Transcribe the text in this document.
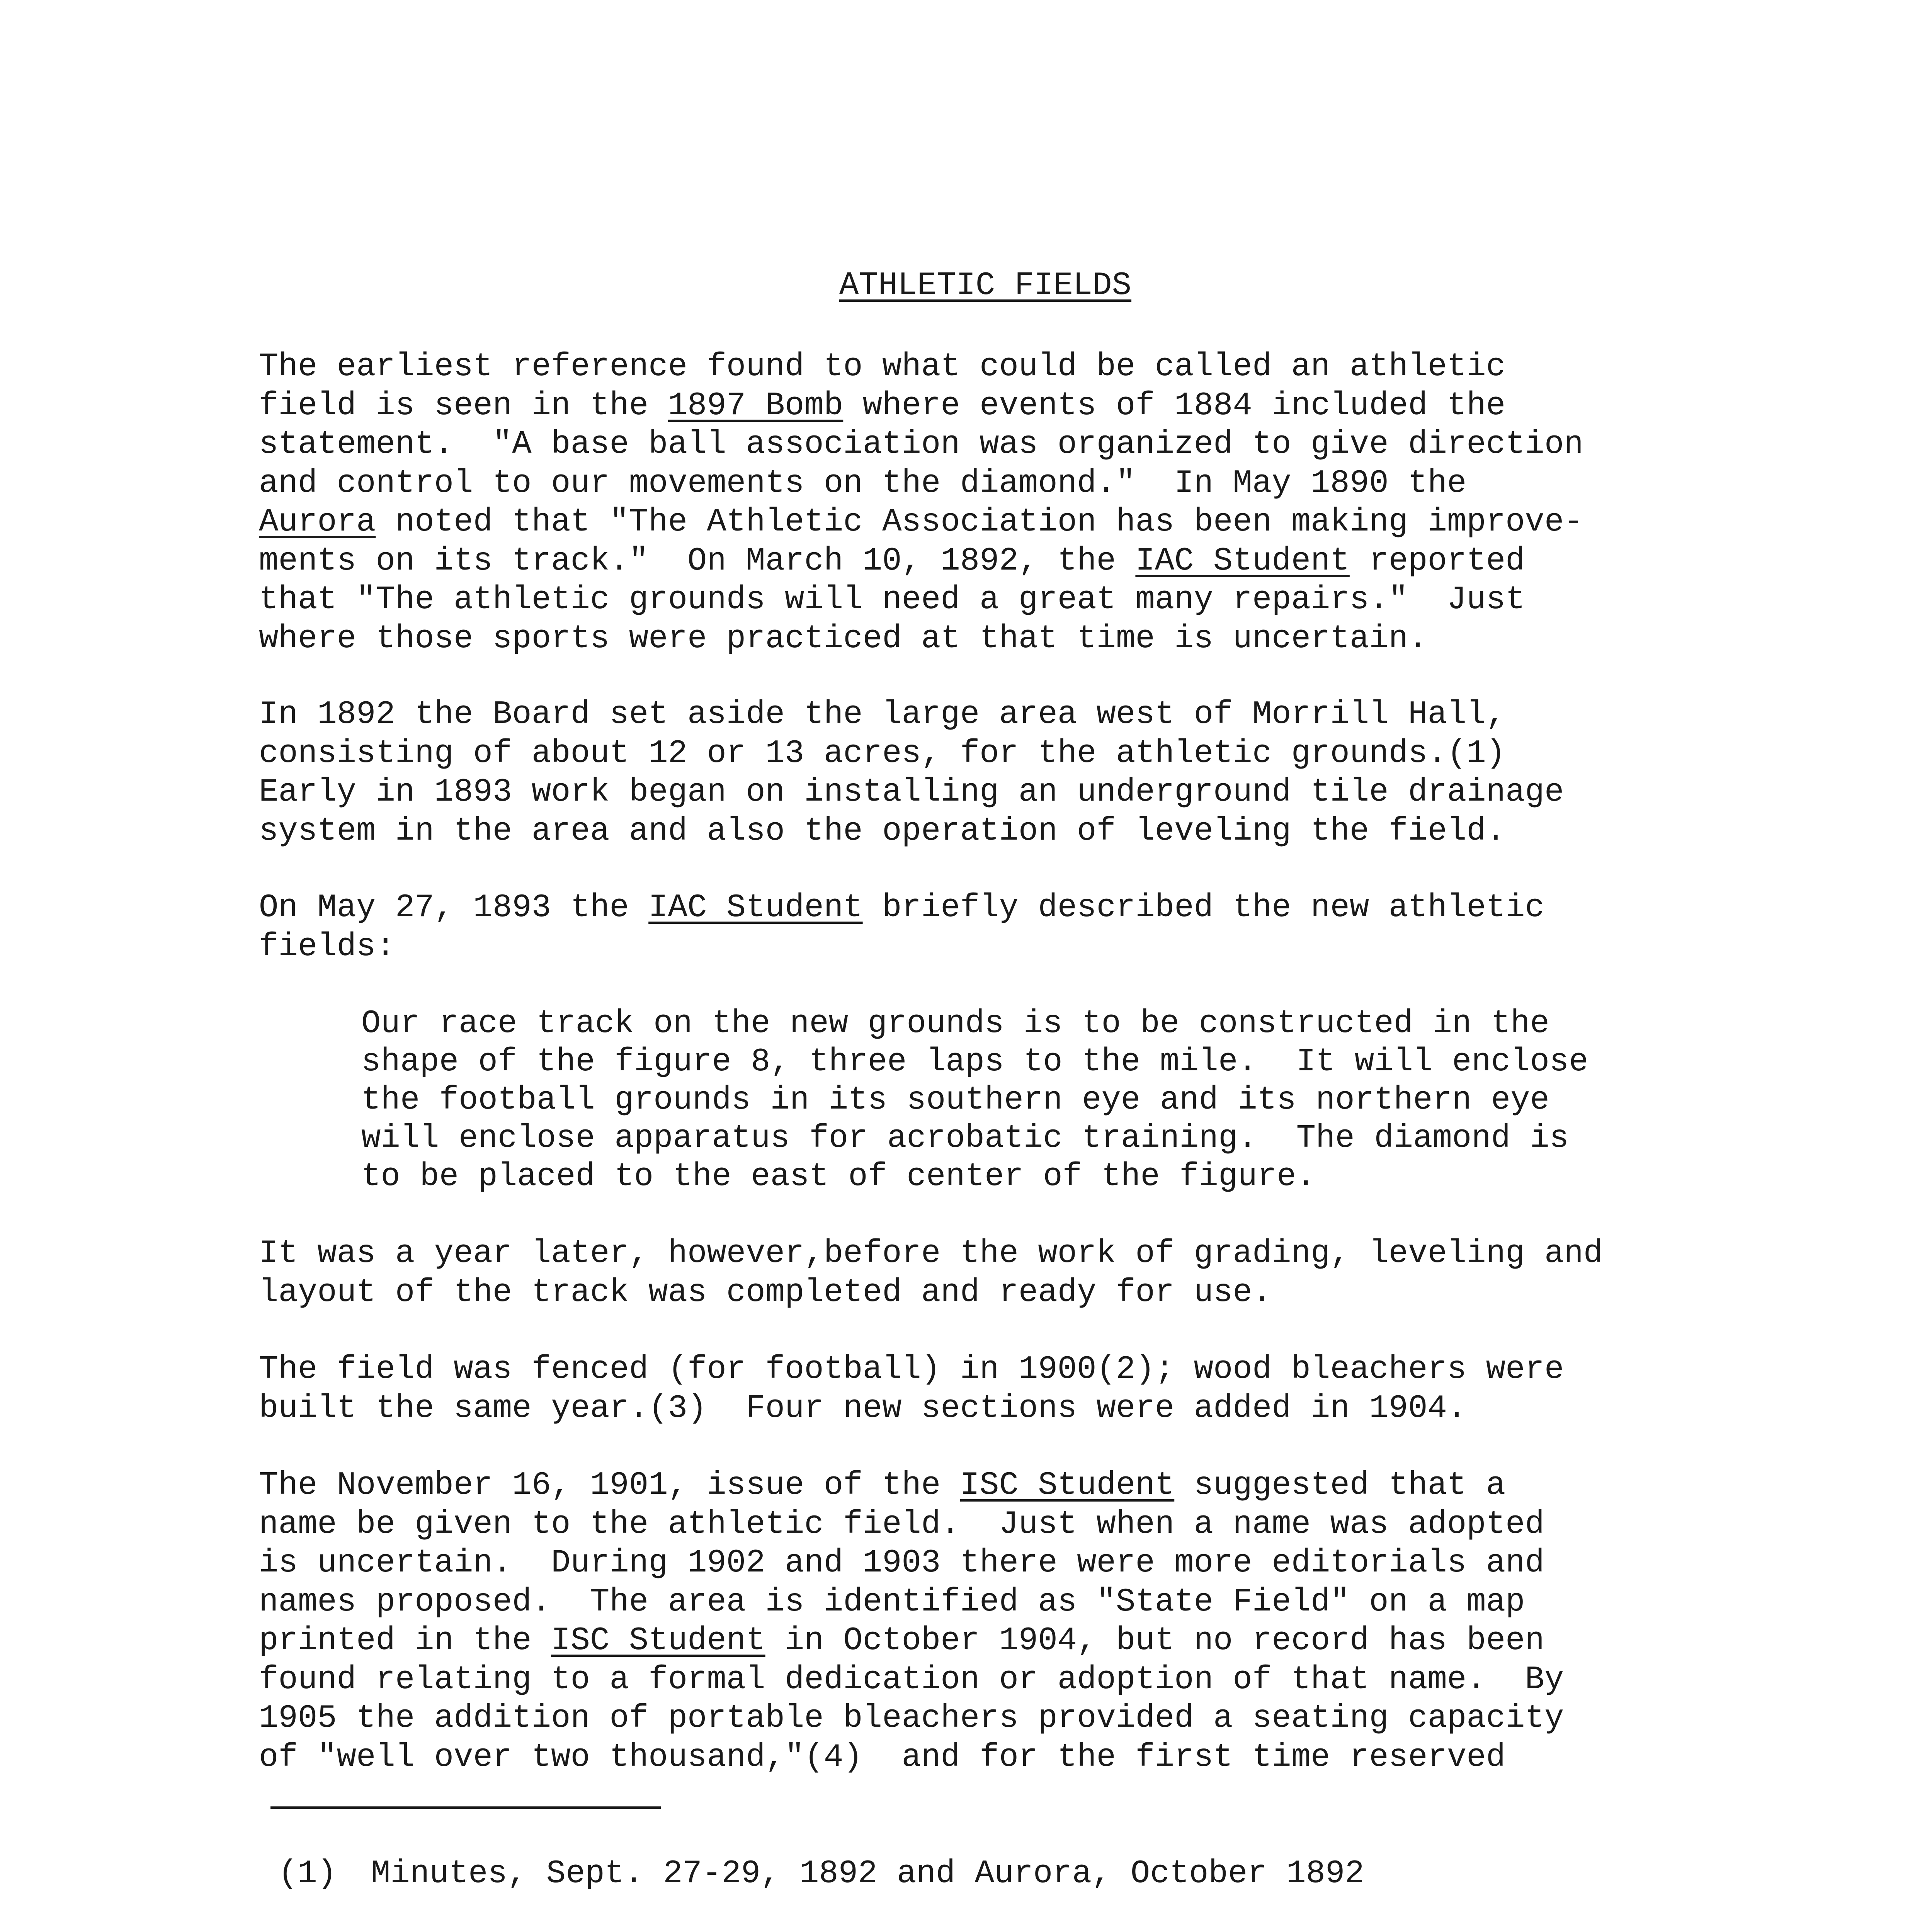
ATHLETIC FIELDS
The earliest reference found to what could be called an athletic
field is seen in the 1897 Bomb where events of 1884 included the
statement.  "A base ball association was organized to give direction
and control to our movements on the diamond."  In May 1890 the
Aurora noted that "The Athletic Association has been making improve-
ments on its track."  On March 10, 1892, the IAC Student reported
that "The athletic grounds will need a great many repairs."  Just
where those sports were practiced at that time is uncertain.
In 1892 the Board set aside the large area west of Morrill Hall,
consisting of about 12 or 13 acres, for the athletic grounds.(1)
Early in 1893 work began on installing an underground tile drainage
system in the area and also the operation of leveling the field.
On May 27, 1893 the IAC Student briefly described the new athletic
fields:
Our race track on the new grounds is to be constructed in the
shape of the figure 8, three laps to the mile.  It will enclose
the football grounds in its southern eye and its northern eye
will enclose apparatus for acrobatic training.  The diamond is
to be placed to the east of center of the figure.
It was a year later, however,before the work of grading, leveling and
layout of the track was completed and ready for use.
The field was fenced (for football) in 1900(2); wood bleachers were
built the same year.(3)  Four new sections were added in 1904.
The November 16, 1901, issue of the ISC Student suggested that a
name be given to the athletic field.  Just when a name was adopted
is uncertain.  During 1902 and 1903 there were more editorials and
names proposed.  The area is identified as "State Field" on a map
printed in the ISC Student in October 1904, but no record has been
found relating to a formal dedication or adoption of that name.  By
1905 the addition of portable bleachers provided a seating capacity
of "well over two thousand,"(4)  and for the first time reserved
(1) Minutes, Sept. 27-29, 1892 and Aurora, October 1892
